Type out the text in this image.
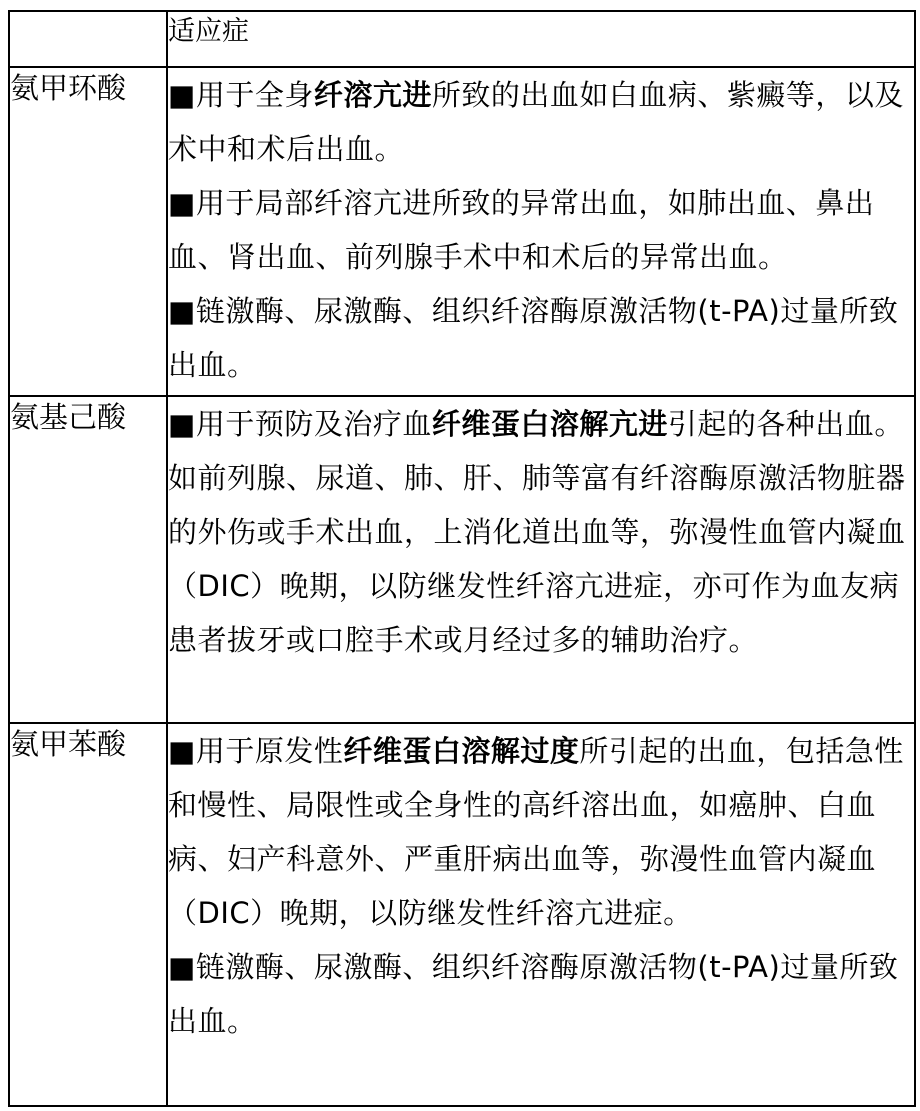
	适应症
氨甲环酸	■用于全身纤溶亢进所致的出血如白血病、紫癜等，以及术中和术后出血。

■用于局部纤溶亢进所致的异常出血，如肺出血、鼻出血、肾出血、前列腺手术中和术后的异常出血。

■链激酶、尿激酶、组织纤溶酶原激活物(t-PA)过量所致出血。

氨基己酸	■用于预防及治疗血纤维蛋白溶解亢进引起的各种出血。如前列腺、尿道、肺、肝、肺等富有纤溶酶原激活物脏器的外伤或手术出血，上消化道出血等，弥漫性血管内凝血（DIC）晚期，以防继发性纤溶亢进症，亦可作为血友病患者拔牙或口腔手术或月经过多的辅助治疗。

氨甲苯酸	■用于原发性纤维蛋白溶解过度所引起的出血，包括急性和慢性、局限性或全身性的高纤溶出血，如癌肿、白血病、妇产科意外、严重肝病出血等，弥漫性血管内凝血（DIC）晚期，以防继发性纤溶亢进症。

■链激酶、尿激酶、组织纤溶酶原激活物(t-PA)过量所致出血。
